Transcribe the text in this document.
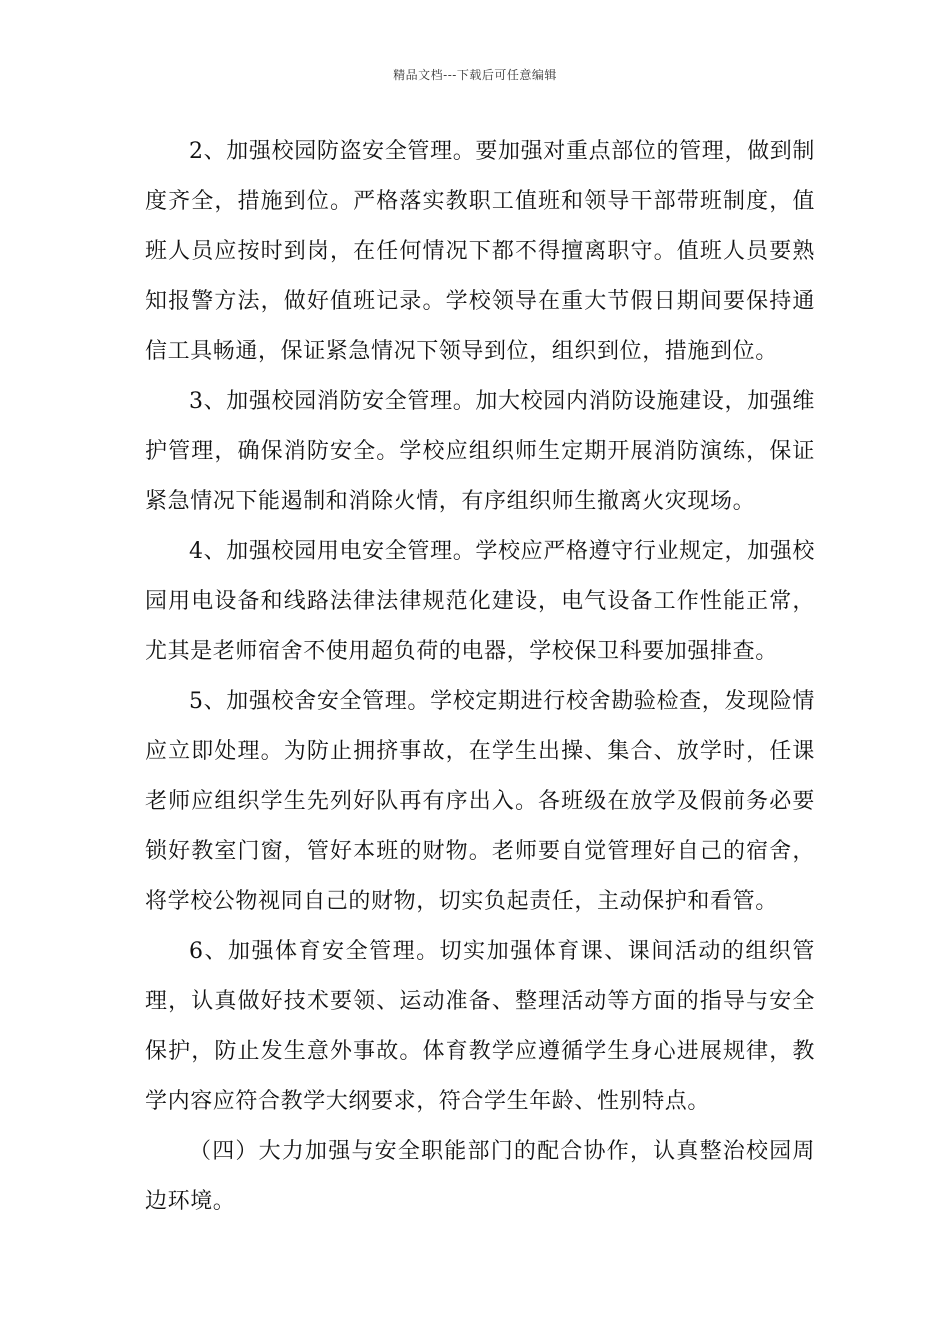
精品文档---下载后可任意编辑

2、加强校园防盗安全管理。要加强对重点部位的管理，做到制度齐全，措施到位。严格落实教职工值班和领导干部带班制度，值班人员应按时到岗，在任何情况下都不得擅离职守。值班人员要熟知报警方法，做好值班记录。学校领导在重大节假日期间要保持通信工具畅通，保证紧急情况下领导到位，组织到位，措施到位。

3、加强校园消防安全管理。加大校园内消防设施建设，加强维护管理，确保消防安全。学校应组织师生定期开展消防演练，保证紧急情况下能遏制和消除火情，有序组织师生撤离火灾现场。

4、加强校园用电安全管理。学校应严格遵守行业规定，加强校园用电设备和线路法律法律规范化建设，电气设备工作性能正常，尤其是老师宿舍不使用超负荷的电器，学校保卫科要加强排查。

5、加强校舍安全管理。学校定期进行校舍勘验检查，发现险情应立即处理。为防止拥挤事故，在学生出操、集合、放学时，任课老师应组织学生先列好队再有序出入。各班级在放学及假前务必要锁好教室门窗，管好本班的财物。老师要自觉管理好自己的宿舍，将学校公物视同自己的财物，切实负起责任，主动保护和看管。

6、加强体育安全管理。切实加强体育课、课间活动的组织管理，认真做好技术要领、运动准备、整理活动等方面的指导与安全保护，防止发生意外事故。体育教学应遵循学生身心进展规律，教学内容应符合教学大纲要求，符合学生年龄、性别特点。

（四）大力加强与安全职能部门的配合协作，认真整治校园周边环境。
